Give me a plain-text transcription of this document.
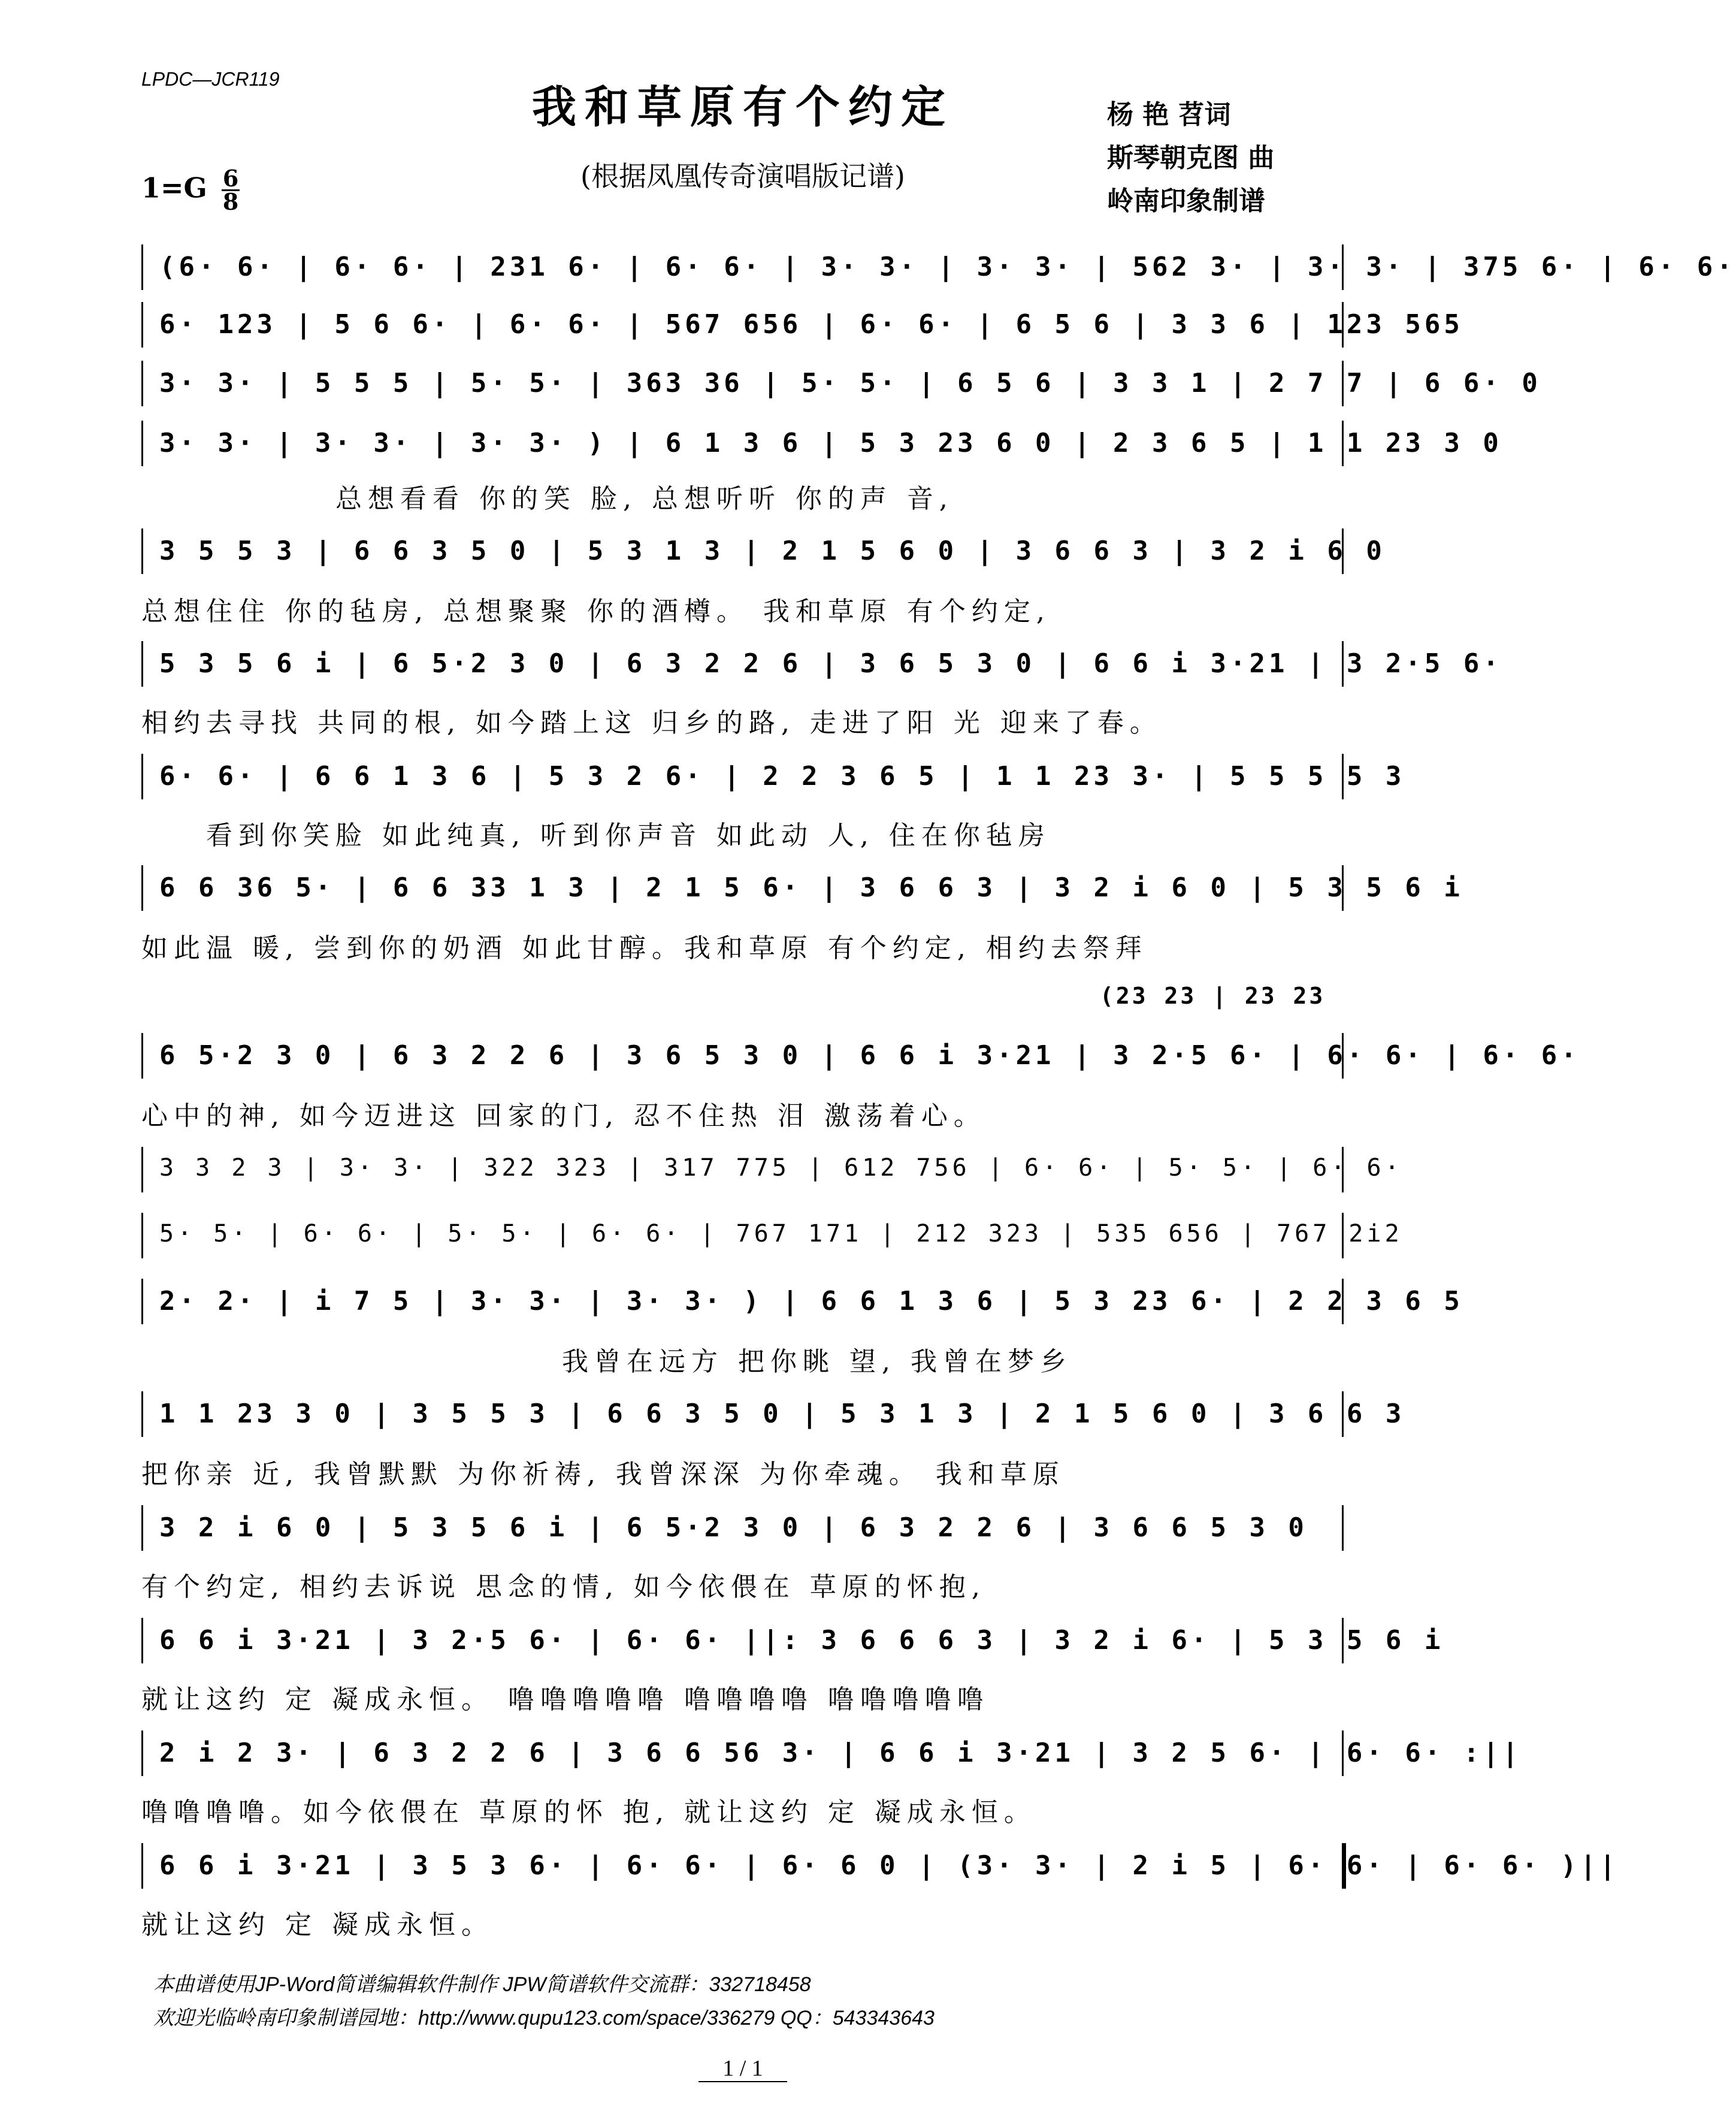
LPDC—JCR119
我和草原有个约定
(根据凤凰传奇演唱版记谱)
杨 艳 苕词
斯琴朝克图 曲
岭南印象制谱
$1=G \frac{6}{8}$
(6· 6· | 6· 6· | 231 6· | 6· 6· | 3· 3· | 3· 3· | 562 3· | 3· 3· | 375 6· | 6· 6·
6· 123 | 5 6 6· | 6· 6· | 567 656 | 6· 6· | 6 5 6 | 3 3 6 | 123 565
3· 3· | 5 5 5 | 5· 5· | 363 36 | 5· 5· | 6 5 6 | 3 3 1 | 2 7 7 | 6 6· 0
3· 3· | 3· 3· | 3· 3· ) | 6 1 3 6 | 5 3 23 6 0 | 2 3 6 5 | 1 1 23 3 0
3 5 5 3 | 6 6 3 5 0 | 5 3 1 3 | 2 1 5 6 0 | 3 6 6 3 | 3 2 i 6 0
5 3 5 6 i | 6 5·2 3 0 | 6 3 2 2 6 | 3 6 5 3 0 | 6 6 i 3·21 | 3 2·5 6·
6· 6· | 6 6 1 3 6 | 5 3 2 6· | 2 2 3 6 5 | 1 1 23 3· | 5 5 5 5 3
6 6 36 5· | 6 6 33 1 3 | 2 1 5 6· | 3 6 6 3 | 3 2 i 6 0 | 5 3 5 6 i
6 5·2 3 0 | 6 3 2 2 6 | 3 6 5 3 0 | 6 6 i 3·21 | 3 2·5 6· | 6· 6· | 6· 6·
3 3 2 3 | 3· 3· | 322 323 | 317 775 | 612 756 | 6· 6· | 5· 5· | 6· 6·
5· 5· | 6· 6· | 5· 5· | 6· 6· | 767 171 | 212 323 | 535 656 | 767 2i2
2· 2· | i 7 5 | 3· 3· | 3· 3· ) | 6 6 1 3 6 | 5 3 23 6· | 2 2 3 6 5
1 1 23 3 0 | 3 5 5 3 | 6 6 3 5 0 | 5 3 1 3 | 2 1 5 6 0 | 3 6 6 3
3 2 i 6 0 | 5 3 5 6 i | 6 5·2 3 0 | 6 3 2 2 6 | 3 6 6 5 3 0
6 6 i 3·21 | 3 2·5 6· | 6· 6· ||: 3 6 6 6 3 | 3 2 i 6· | 5 3 5 6 i
2 i 2 3· | 6 3 2 2 6 | 3 6 6 56 3· | 6 6 i 3·21 | 3 2 5 6· | 6· 6· :||
6 6 i 3·21 | 3 5 3 6· | 6· 6· | 6· 6 0 | (3· 3· | 2 i 5 | 6· 6· | 6· 6· )||
　　　　　　总想看看 你的笑 脸, 总想听听 你的声 音,
总想住住 你的毡房, 总想聚聚 你的酒樽。 我和草原 有个约定,
相约去寻找 共同的根, 如今踏上这 归乡的路, 走进了阳 光 迎来了春。
　　看到你笑脸 如此纯真, 听到你声音 如此动 人, 住在你毡房
如此温 暖, 尝到你的奶酒 如此甘醇。我和草原 有个约定, 相约去祭拜
心中的神, 如今迈进这 回家的门, 忍不住热 泪 激荡着心。
　　　　　　　　　　　　　我曾在远方 把你眺 望, 我曾在梦乡
把你亲 近, 我曾默默 为你祈祷, 我曾深深 为你牵魂。 我和草原
有个约定, 相约去诉说 思念的情, 如今依偎在 草原的怀抱,
就让这约 定 凝成永恒。 噜噜噜噜噜 噜噜噜噜 噜噜噜噜噜
噜噜噜噜。如今依偎在 草原的怀 抱, 就让这约 定 凝成永恒。
就让这约 定 凝成永恒。
(23 23 | 23 23
本曲谱使用JP-Word简谱编辑软件制作 JPW简谱软件交流群：332718458
欢迎光临岭南印象制谱园地：http://www.qupu123.com/space/336279 QQ：543343643
1 / 1
